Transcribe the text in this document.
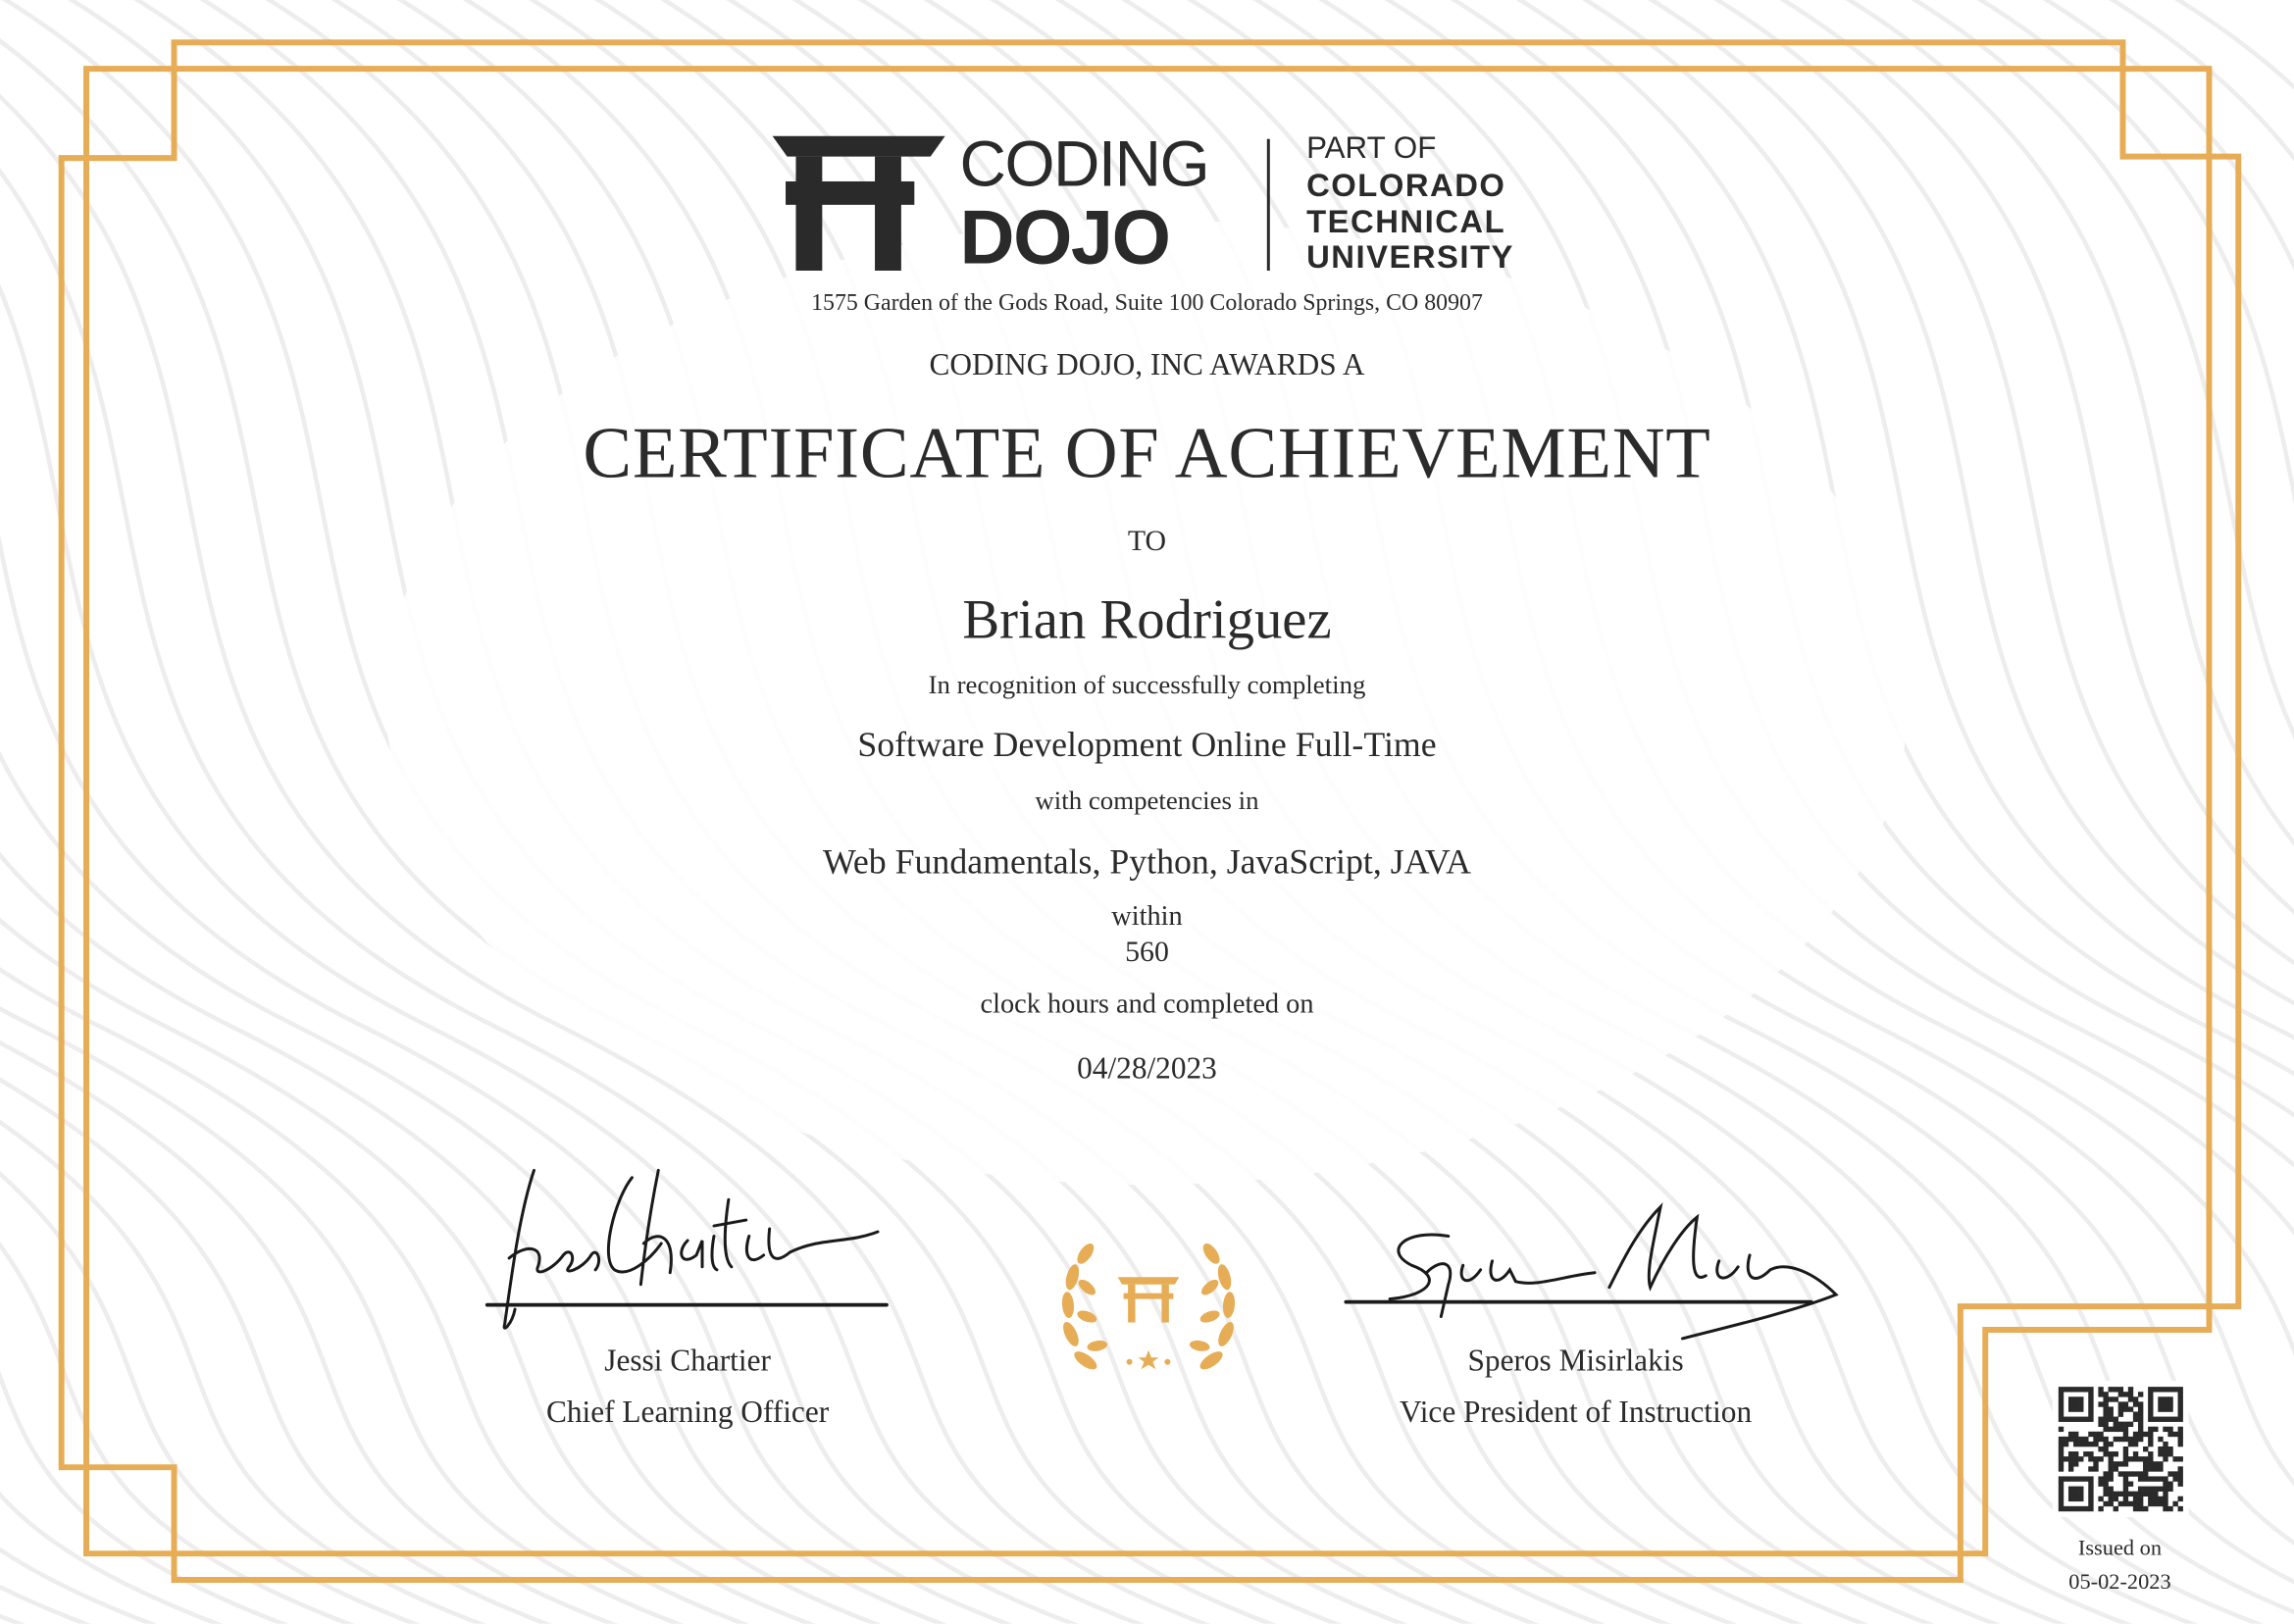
CODING
DOJO
PART OF
COLORADO
TECHNICAL
UNIVERSITY
1575 Garden of the Gods Road, Suite 100 Colorado Springs, CO 80907
CODING DOJO, INC AWARDS A
CERTIFICATE OF ACHIEVEMENT
TO
Brian Rodriguez
In recognition of successfully completing
Software Development Online Full-Time
with competencies in
Web Fundamentals, Python, JavaScript, JAVA
within
560
clock hours and completed on
04/28/2023
Jessi Chartier
Chief Learning Officer
Speros Misirlakis
Vice President of Instruction
Issued on
05-02-2023
